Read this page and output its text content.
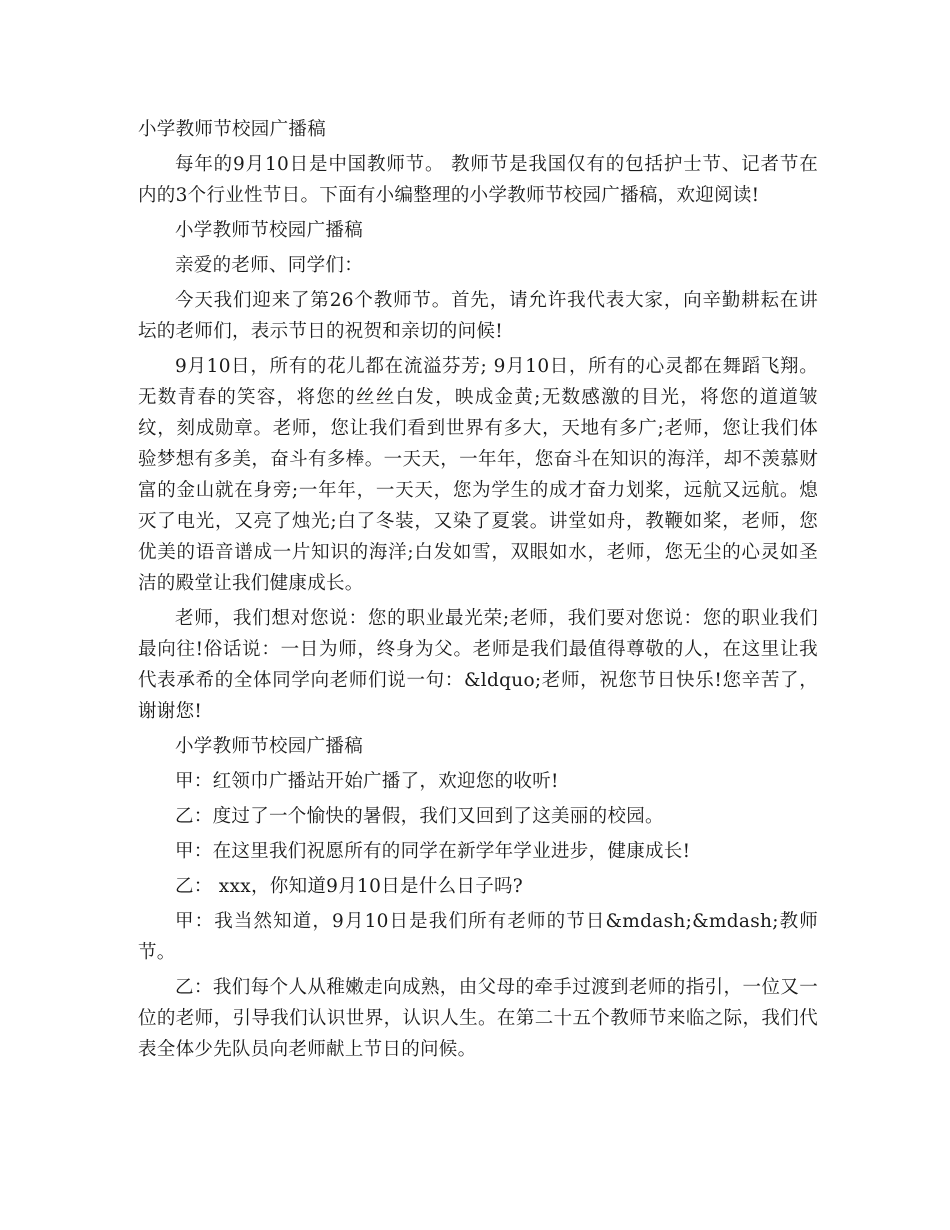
小学教师节校园广播稿

每年的9月10日是中国教师节。 教师节是我国仅有的包括护士节、记者节在内的3个行业性节日。下面有小编整理的小学教师节校园广播稿，欢迎阅读!

小学教师节校园广播稿

亲爱的老师、同学们：

今天我们迎来了第26个教师节。首先，请允许我代表大家，向辛勤耕耘在讲坛的老师们，表示节日的祝贺和亲切的问候!

9月10日，所有的花儿都在流溢芬芳; 9月10日，所有的心灵都在舞蹈飞翔。无数青春的笑容，将您的丝丝白发，映成金黄;无数感激的目光，将您的道道皱纹，刻成勋章。老师，您让我们看到世界有多大，天地有多广;老师，您让我们体验梦想有多美，奋斗有多棒。一天天，一年年，您奋斗在知识的海洋，却不羡慕财富的金山就在身旁;一年年，一天天，您为学生的成才奋力划桨，远航又远航。熄灭了电光，又亮了烛光;白了冬装，又染了夏裳。讲堂如舟，教鞭如桨，老师，您优美的语音谱成一片知识的海洋;白发如雪，双眼如水，老师，您无尘的心灵如圣洁的殿堂让我们健康成长。

老师，我们想对您说：您的职业最光荣;老师，我们要对您说：您的职业我们最向往!俗话说：一日为师，终身为父。老师是我们最值得尊敬的人，在这里让我代表承希的全体同学向老师们说一句：&ldquo;老师，祝您节日快乐!您辛苦了，谢谢您!

小学教师节校园广播稿

甲：红领巾广播站开始广播了，欢迎您的收听!

乙：度过了一个愉快的暑假，我们又回到了这美丽的校园。

甲：在这里我们祝愿所有的同学在新学年学业进步，健康成长!

乙： xxx，你知道9月10日是什么日子吗?

甲：我当然知道，9月10日是我们所有老师的节日&mdash;&mdash;教师节。

乙：我们每个人从稚嫩走向成熟，由父母的牵手过渡到老师的指引，一位又一位的老师，引导我们认识世界，认识人生。在第二十五个教师节来临之际，我们代表全体少先队员向老师献上节日的问候。
